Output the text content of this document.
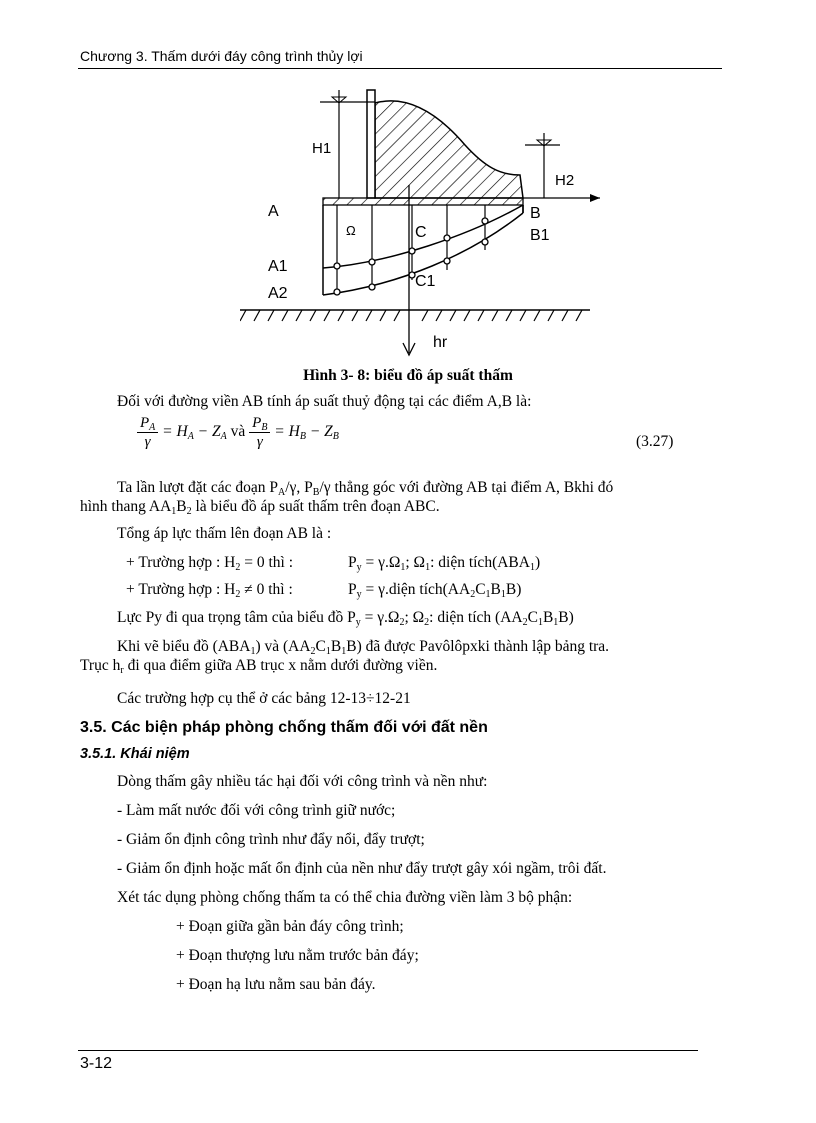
Chương 3. Thấm dưới đáy công trình thủy lợi
H1
H2
A	B
B1
A1
A2
C
C1
Ω
hr
Hình 3- 8: biểu đồ áp suất thấm
Đối với đường viền AB tính áp suất thuỷ động tại các điểm A,B là:
$\frac{P_A}{\gamma} = H_A - Z_A$ và $\frac{P_B}{\gamma} = H_B - Z_B$	(3.27)
Ta lần lượt đặt các đoạn $P_A/\gamma$, $P_B/\gamma$ thẳng góc với đường AB tại điểm A, Bkhi đó
hình thang $AA_1B_2$ là biểu đồ áp suất thấm trên đoạn ABC.
Tổng áp lực thấm lên đoạn AB là :
+ Trường hợp : $H_2 = 0$ thì :	$P_y = \gamma.\Omega_1$; $\Omega_1$: diện $tích(ABA_1)$
+ Trường hợp : $H_2 \ne 0$ thì :	$P_y$ = γ.diện $tích(AA_2C_1B_1B)$
Lực Py đi qua trọng tâm của biểu đồ $P_y = \gamma.\Omega_2$; $\Omega_2$: diện tích $(AA_2C_1B_1B)$
Khi vẽ biểu đồ $(ABA_1)$ và $(AA_2C_1B_1B)$ đã được Pavôlôpxki thành lập bảng tra.
Trục $h_r$ đi qua điểm giữa AB trục x nằm dưới đường viền.
Các trường hợp cụ thể ở các bảng 12-13÷12-21
3.5. Các biện pháp phòng chống thấm đối với đất nền
3.5.1. Khái niệm
Dòng thấm gây nhiều tác hại đối với công trình và nền như:
- Làm mất nước đối với công trình giữ nước;
- Giảm ổn định công trình như đẩy nổi, đẩy trượt;
- Giảm ổn định hoặc mất ổn định của nền như đẩy trượt gây xói ngầm, trôi đất.
Xét tác dụng phòng chống thấm ta có thể chia đường viền làm 3 bộ phận:
+ Đoạn giữa gần bản đáy công trình;
+ Đoạn thượng lưu nằm trước bản đáy;
+ Đoạn hạ lưu nằm sau bản đáy.
3-12
